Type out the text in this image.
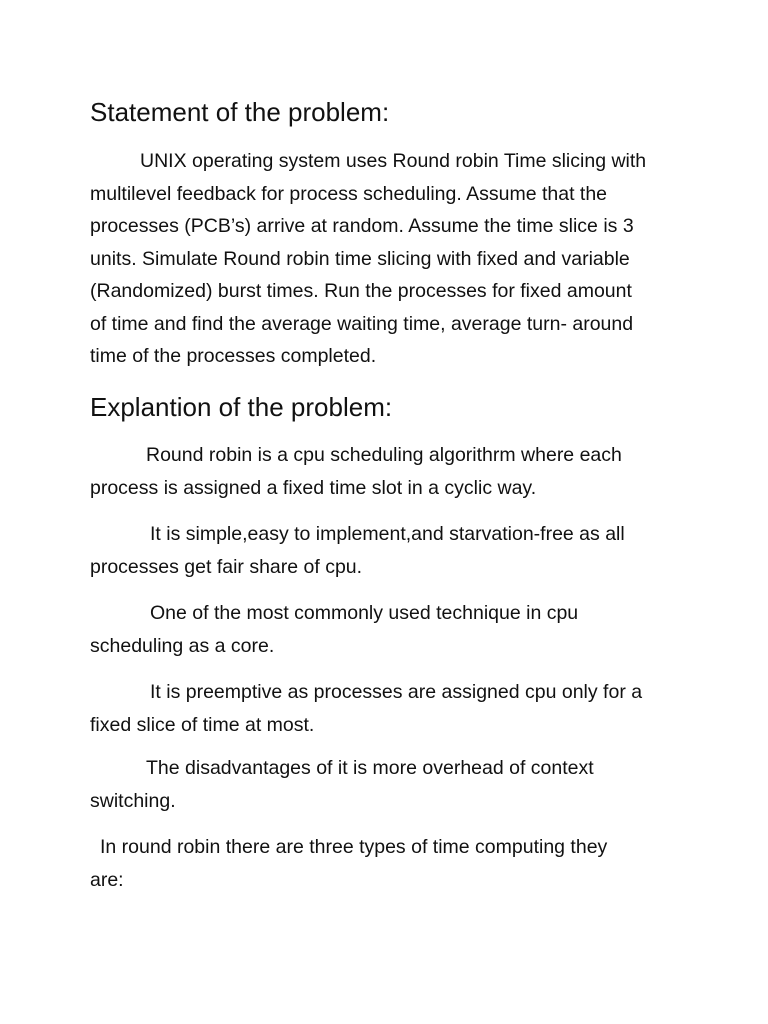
Statement of the problem:

UNIX operating system uses Round robin Time slicing with
multilevel feedback for process scheduling. Assume that the
processes (PCB’s) arrive at random. Assume the time slice is 3
units. Simulate Round robin time slicing with fixed and variable
(Randomized) burst times. Run the processes for fixed amount
of time and find the average waiting time, average turn- around
time of the processes completed.

Explantion of the problem:

Round robin is a cpu scheduling algorithrm where each
process is assigned a fixed time slot in a cyclic way.

It is simple,easy to implement,and starvation-free as all
processes get fair share of cpu.

One of the most commonly used technique in cpu
scheduling as a core.

It is preemptive as processes are assigned cpu only for a
fixed slice of time at most.

The disadvantages of it is more overhead of context
switching.

In round robin there are three types of time computing they
are:
